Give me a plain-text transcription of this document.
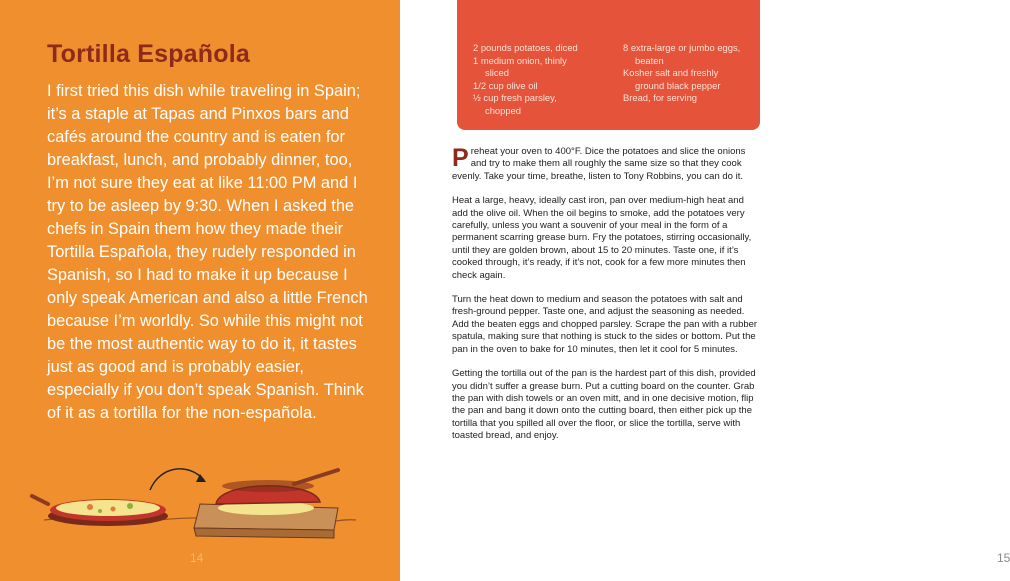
Tortilla Española

I first tried this dish while traveling in Spain; it’s a staple at Tapas and Pinxos bars and cafés around the country and is eaten for breakfast, lunch, and probably dinner, too, I’m not sure they eat at like 11:00 PM and I try to be asleep by 9:30. When I asked the chefs in Spain them how they made their Tortilla Española, they rudely responded in Spanish, so I had to make it up because I only speak American and also a little French because I’m worldly. So while this might not be the most authentic way to do it, it tastes just as good and is probably easier, especially if you don’t speak Spanish. Think of it as a tortilla for the non-española.

14
2 pounds potatoes, diced
1 medium onion, thinly
sliced
1/2 cup olive oil
½ cup fresh parsley,
chopped
8 extra-large or jumbo eggs,
beaten
Kosher salt and freshly
ground black pepper
Bread, for serving

Preheat your oven to 400°F. Dice the potatoes and slice the onions and try to make them all roughly the same size so that they cook evenly. Take your time, breathe, listen to Tony Robbins, you can do it.

Heat a large, heavy, ideally cast iron, pan over medium-high heat and add the olive oil. When the oil begins to smoke, add the potatoes very carefully, unless you want a souvenir of your meal in the form of a permanent scarring grease burn. Fry the potatoes, stirring occasionally, until they are golden brown, about 15 to 20 minutes. Taste one, if it’s cooked through, it’s ready, if it’s not, cook for a few more minutes then check again.

Turn the heat down to medium and season the potatoes with salt and fresh-ground pepper. Taste one, and adjust the seasoning as needed. Add the beaten eggs and chopped parsley. Scrape the pan with a rubber spatula, making sure that nothing is stuck to the sides or bottom. Put the pan in the oven to bake for 10 minutes, then let it cool for 5 minutes.

Getting the tortilla out of the pan is the hardest part of this dish, provided you didn’t suffer a grease burn. Put a cutting board on the counter. Grab the pan with dish towels or an oven mitt, and in one decisive motion, flip the pan and bang it down onto the cutting board, then either pick up the tortilla that you spilled all over the floor, or slice the tortilla, serve with toasted bread, and enjoy.

15
